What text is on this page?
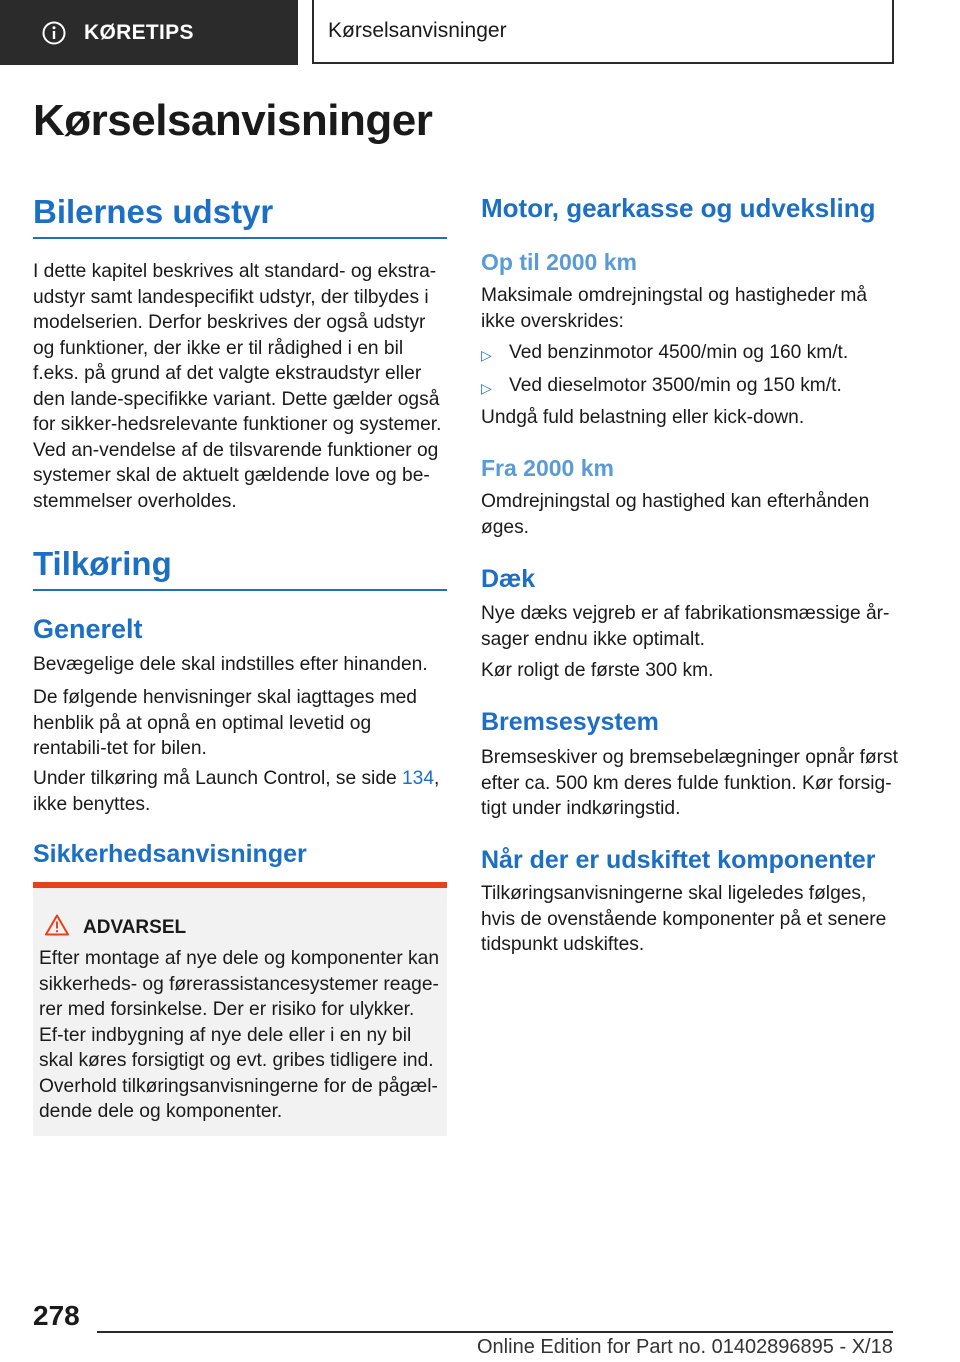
KØRETIPS	Kørselsanvisninger
Kørselsanvisninger
Bilernes udstyr

I dette kapitel beskrives alt standard- og ekstra-udstyr samt landespecifikt udstyr, der tilbydes i modelserien. Derfor beskrives der også udstyr og funktioner, der ikke er til rådighed i en bil f.eks. på grund af det valgte ekstraudstyr eller den lande-specifikke variant. Dette gælder også for sikker-hedsrelevante funktioner og systemer. Ved an-vendelse af de tilsvarende funktioner og systemer skal de aktuelt gældende love og be-stemmelser overholdes.

Tilkøring
Generelt

Bevægelige dele skal indstilles efter hinanden.

De følgende henvisninger skal iagttages med henblik på at opnå en optimal levetid og rentabili-tet for bilen.

Under tilkøring må Launch Control, se side 134, ikke benyttes.

Sikkerhedsanvisninger
ADVARSEL
Efter montage af nye dele og komponenter kan sikkerheds- og førerassistancesystemer reage-rer med forsinkelse. Der er risiko for ulykker. Ef-ter indbygning af nye dele eller i en ny bil skal køres forsigtigt og evt. gribes tidligere ind. Overhold tilkøringsanvisningerne for de pågæl-dende dele og komponenter.
Motor, gearkasse og udveksling
Op til 2000 km

Maksimale omdrejningstal og hastigheder må ikke overskrides:

▷ Ved benzinmotor 4500/min og 160 km/t.
▷ Ved dieselmotor 3500/min og 150 km/t.

Undgå fuld belastning eller kick-down.

Fra 2000 km

Omdrejningstal og hastighed kan efterhånden øges.

Dæk

Nye dæks vejgreb er af fabrikationsmæssige år-sager endnu ikke optimalt.

Kør roligt de første 300 km.

Bremsesystem

Bremseskiver og bremsebelægninger opnår først efter ca. 500 km deres fulde funktion. Kør forsig-tigt under indkøringstid.

Når der er udskiftet komponenter

Tilkøringsanvisningerne skal ligeledes følges, hvis de ovenstående komponenter på et senere tidspunkt udskiftes.

278
Online Edition for Part no. 01402896895 - X/18
